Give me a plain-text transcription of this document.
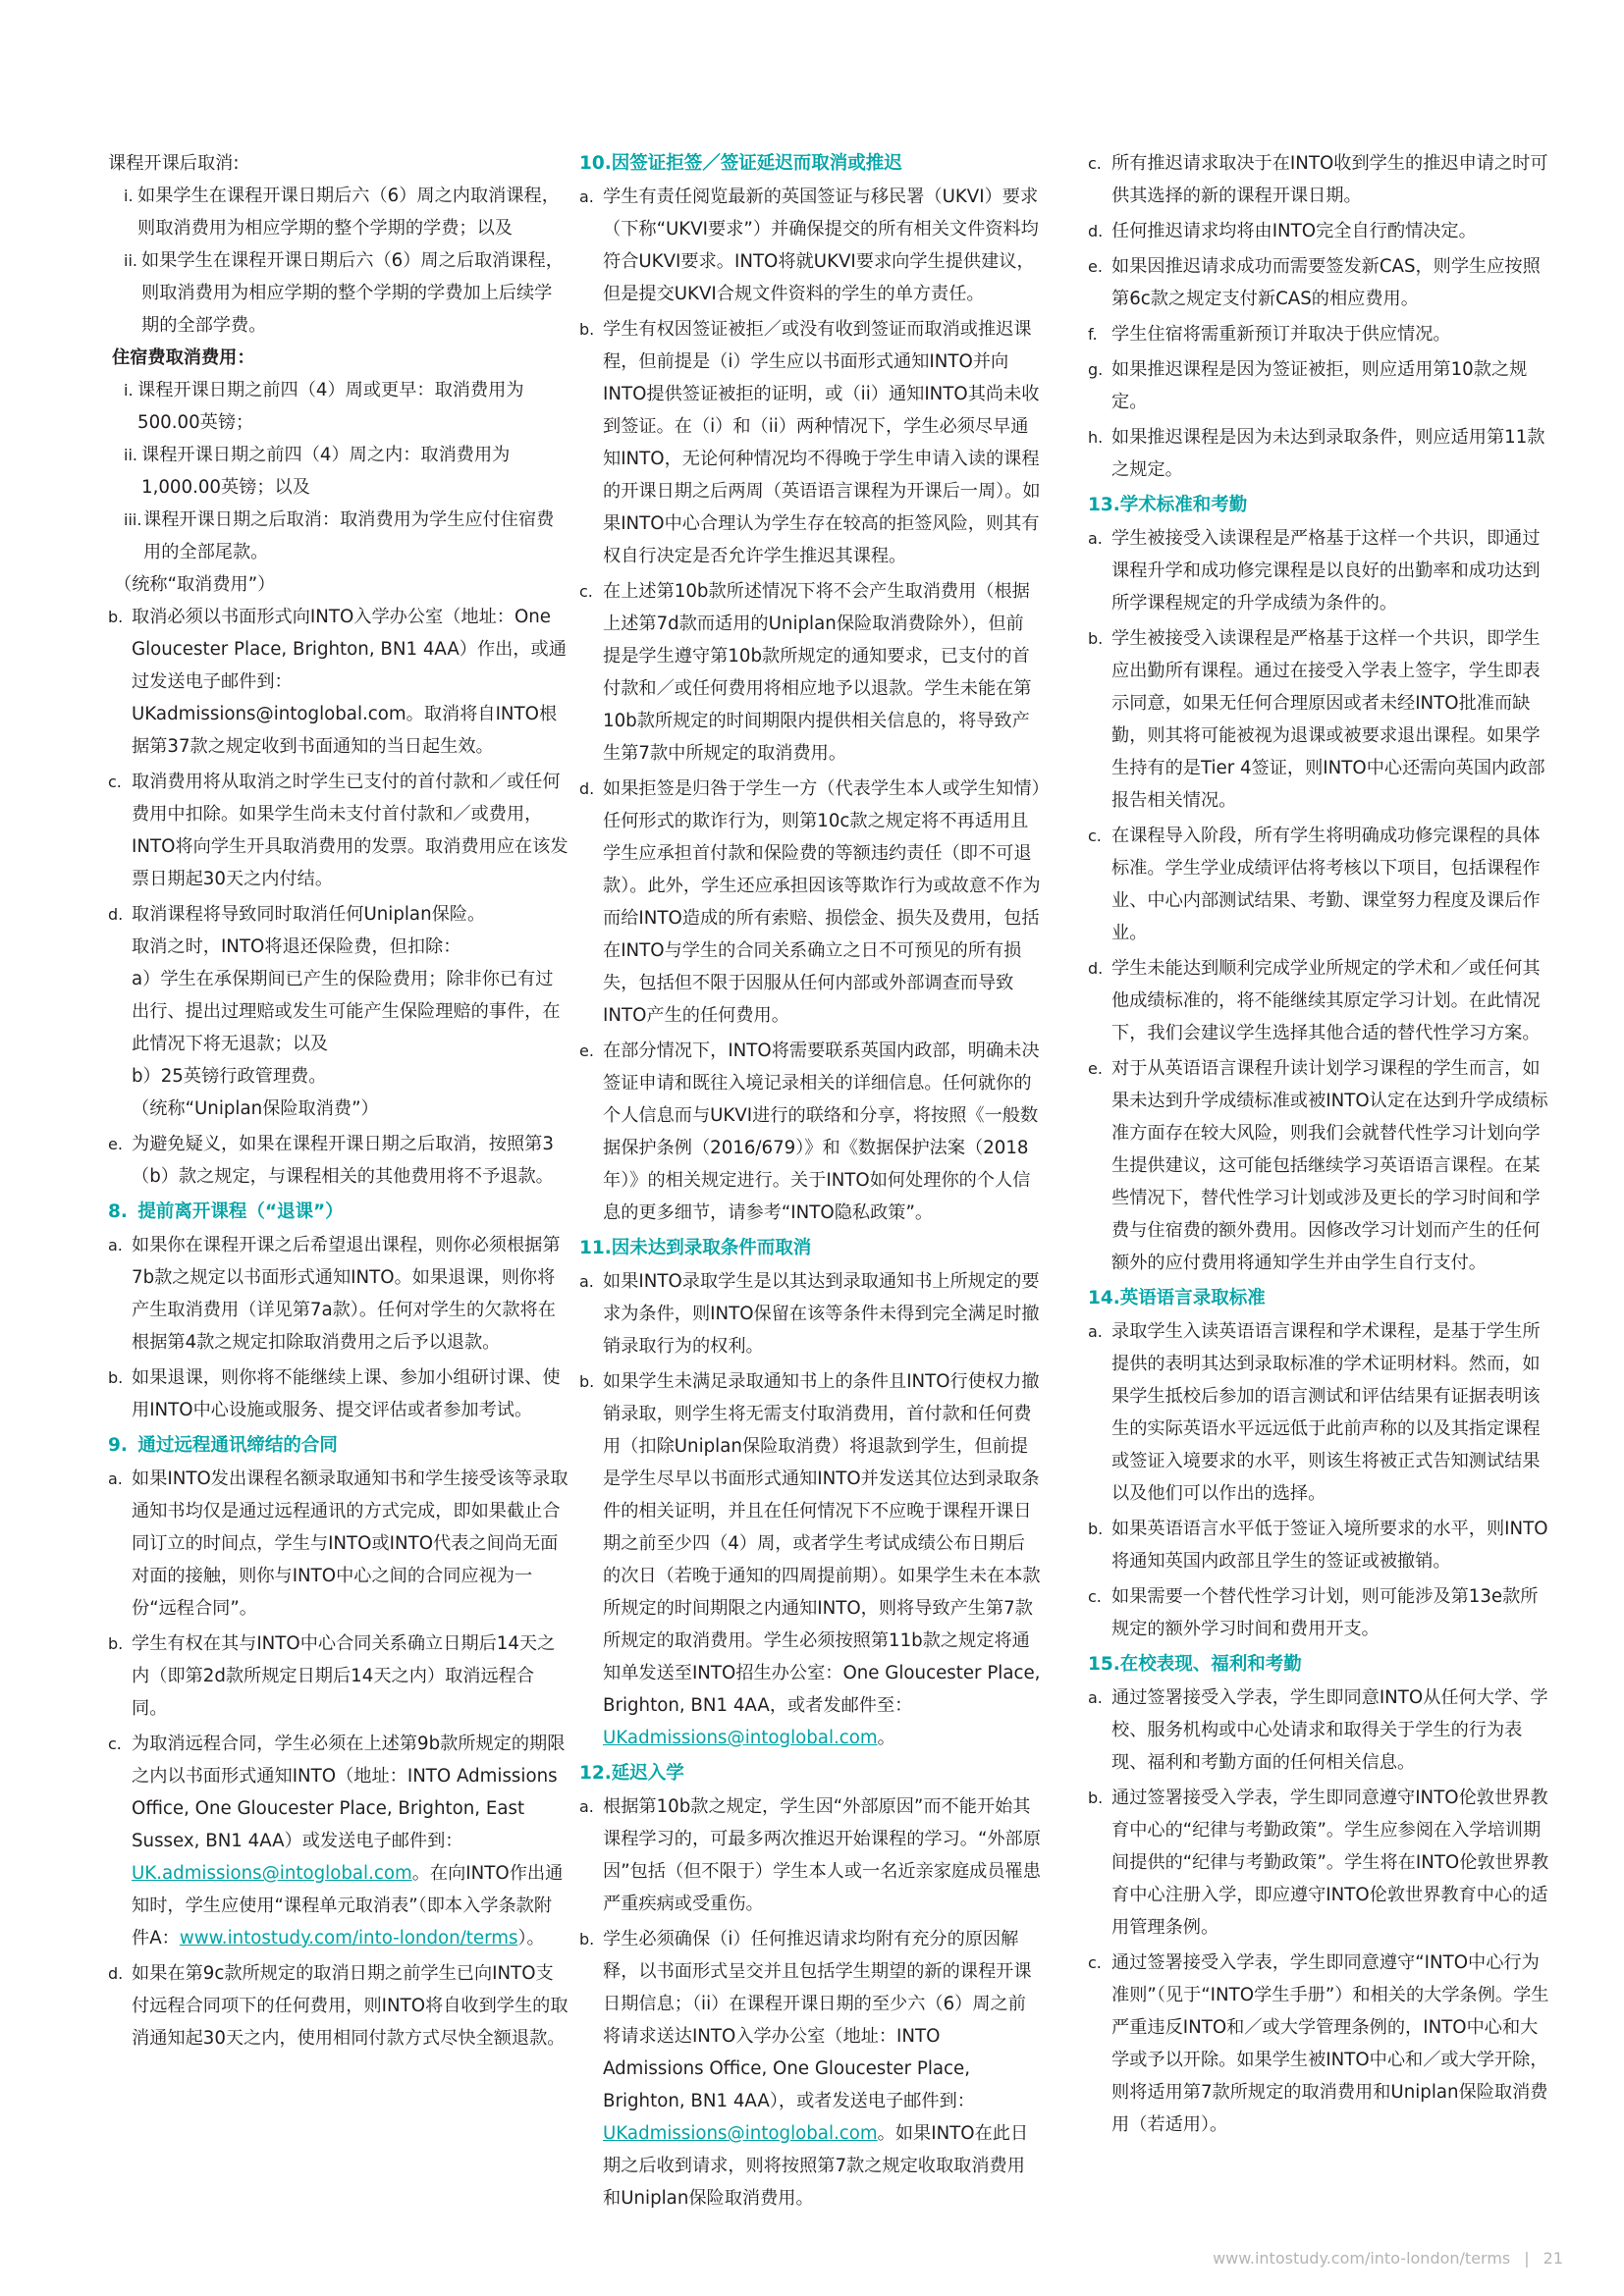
课程开课后取消:
i. 如果学生在课程开课日期后六（6）周之内取消课程，则取消费用为相应学期的整个学期的学费；以及
ii. 如果学生在课程开课日期后六（6）周之后取消课程，则取消费用为相应学期的整个学期的学费加上后续学期的全部学费。
住宿费取消费用：
i. 课程开课日期之前四（4）周或更早：取消费用为500.00英镑；
ii. 课程开课日期之前四（4）周之内：取消费用为1,000.00英镑；以及
iii. 课程开课日期之后取消：取消费用为学生应付住宿费用的全部尾款。
（统称“取消费用”）
b. 取消必须以书面形式向INTO入学办公室（地址：One Gloucester Place, Brighton, BN1 4AA）作出，或通过发送电子邮件到：UKadmissions@intoglobal.com。取消将自INTO根据第37款之规定收到书面通知的当日起生效。
c. 取消费用将从取消之时学生已支付的首付款和／或任何费用中扣除。如果学生尚未支付首付款和／或费用，INTO将向学生开具取消费用的发票。取消费用应在该发票日期起30天之内付结。
d. 取消课程将导致同时取消任何Uniplan保险。
取消之时，INTO将退还保险费，但扣除：
a）学生在承保期间已产生的保险费用；除非你已有过出行、提出过理赔或发生可能产生保险理赔的事件，在此情况下将无退款；以及
b）25英镑行政管理费。
（统称“Uniplan保险取消费”）
e. 为避免疑义，如果在课程开课日期之后取消，按照第3（b）款之规定，与课程相关的其他费用将不予退款。
8. 提前离开课程（“退课”）
a. 如果你在课程开课之后希望退出课程，则你必须根据第7b款之规定以书面形式通知INTO。如果退课，则你将产生取消费用（详见第7a款）。任何对学生的欠款将在根据第4款之规定扣除取消费用之后予以退款。
b. 如果退课，则你将不能继续上课、参加小组研讨课、使用INTO中心设施或服务、提交评估或者参加考试。
9. 通过远程通讯缔结的合同
a. 如果INTO发出课程名额录取通知书和学生接受该等录取通知书均仅是通过远程通讯的方式完成，即如果截止合同订立的时间点，学生与INTO或INTO代表之间尚无面对面的接触，则你与INTO中心之间的合同应视为一份“远程合同”。
b. 学生有权在其与INTO中心合同关系确立日期后14天之内（即第2d款所规定日期后14天之内）取消远程合同。
c. 为取消远程合同，学生必须在上述第9b款所规定的期限之内以书面形式通知INTO（地址：INTO Admissions Office, One Gloucester Place, Brighton, East Sussex, BN1 4AA）或发送电子邮件到：UK.admissions@intoglobal.com。在向INTO作出通知时，学生应使用“课程单元取消表”（即本入学条款附件A：www.intostudy.com/into-london/terms）。
d. 如果在第9c款所规定的取消日期之前学生已向INTO支付远程合同项下的任何费用，则INTO将自收到学生的取消通知起30天之内，使用相同付款方式尽快全额退款。
10.因签证拒签／签证延迟而取消或推迟
a. 学生有责任阅览最新的英国签证与移民署（UKVI）要求（下称“UKVI要求”）并确保提交的所有相关文件资料均符合UKVI要求。INTO将就UKVI要求向学生提供建议，但是提交UKVI合规文件资料的学生的单方责任。
b. 学生有权因签证被拒／或没有收到签证而取消或推迟课程，但前提是（i）学生应以书面形式通知INTO并向INTO提供签证被拒的证明，或（ii）通知INTO其尚未收到签证。在（i）和（ii）两种情况下，学生必须尽早通知INTO，无论何种情况均不得晚于学生申请入读的课程的开课日期之后两周（英语语言课程为开课后一周）。如果INTO中心合理认为学生存在较高的拒签风险，则其有权自行决定是否允许学生推迟其课程。
c. 在上述第10b款所述情况下将不会产生取消费用（根据上述第7d款而适用的Uniplan保险取消费除外），但前提是学生遵守第10b款所规定的通知要求，已支付的首付款和／或任何费用将相应地予以退款。学生未能在第10b款所规定的时间期限内提供相关信息的，将导致产生第7款中所规定的取消费用。
d. 如果拒签是归咎于学生一方（代表学生本人或学生知情）任何形式的欺诈行为，则第10c款之规定将不再适用且学生应承担首付款和保险费的等额违约责任（即不可退款）。此外，学生还应承担因该等欺诈行为或故意不作为而给INTO造成的所有索赔、损偿金、损失及费用，包括在INTO与学生的合同关系确立之日不可预见的所有损失，包括但不限于因服从任何内部或外部调查而导致INTO产生的任何费用。
e. 在部分情况下，INTO将需要联系英国内政部，明确未决签证申请和既往入境记录相关的详细信息。任何就你的个人信息而与UKVI进行的联络和分享，将按照《一般数据保护条例（2016/679）》和《数据保护法案（2018年）》的相关规定进行。关于INTO如何处理你的个人信息的更多细节，请参考“INTO隐私政策”。
11.因未达到录取条件而取消
a. 如果INTO录取学生是以其达到录取通知书上所规定的要求为条件，则INTO保留在该等条件未得到完全满足时撤销录取行为的权利。
b. 如果学生未满足录取通知书上的条件且INTO行使权力撤销录取，则学生将无需支付取消费用，首付款和任何费用（扣除Uniplan保险取消费）将退款到学生，但前提是学生尽早以书面形式通知INTO并发送其位达到录取条件的相关证明，并且在任何情况下不应晚于课程开课日期之前至少四（4）周，或者学生考试成绩公布日期后的次日（若晚于通知的四周提前期）。如果学生未在本款所规定的时间期限之内通知INTO，则将导致产生第7款所规定的取消费用。学生必须按照第11b款之规定将通知单发送至INTO招生办公室：One Gloucester Place, Brighton, BN1 4AA，或者发邮件至：UKadmissions@intoglobal.com。
12.延迟入学
a. 根据第10b款之规定，学生因“外部原因”而不能开始其课程学习的，可最多两次推迟开始课程的学习。“外部原因”包括（但不限于）学生本人或一名近亲家庭成员罹患严重疾病或受重伤。
b. 学生必须确保（i）任何推迟请求均附有充分的原因解释，以书面形式呈交并且包括学生期望的新的课程开课日期信息；（ii）在课程开课日期的至少六（6）周之前将请求送达INTO入学办公室（地址：INTO Admissions Office, One Gloucester Place, Brighton, BN1 4AA），或者发送电子邮件到：UKadmissions@intoglobal.com。如果INTO在此日期之后收到请求，则将按照第7款之规定收取取消费用和Uniplan保险取消费用。
c. 所有推迟请求取决于在INTO收到学生的推迟申请之时可供其选择的新的课程开课日期。
d. 任何推迟请求均将由INTO完全自行酌情决定。
e. 如果因推迟请求成功而需要签发新CAS，则学生应按照第6c款之规定支付新CAS的相应费用。
f. 学生住宿将需重新预订并取决于供应情况。
g. 如果推迟课程是因为签证被拒，则应适用第10款之规定。
h. 如果推迟课程是因为未达到录取条件，则应适用第11款之规定。
13.学术标准和考勤
a. 学生被接受入读课程是严格基于这样一个共识，即通过课程升学和成功修完课程是以良好的出勤率和成功达到所学课程规定的升学成绩为条件的。
b. 学生被接受入读课程是严格基于这样一个共识，即学生应出勤所有课程。通过在接受入学表上签字，学生即表示同意，如果无任何合理原因或者未经INTO批准而缺勤，则其将可能被视为退课或被要求退出课程。如果学生持有的是Tier 4签证，则INTO中心还需向英国内政部报告相关情况。
c. 在课程导入阶段，所有学生将明确成功修完课程的具体标准。学生学业成绩评估将考核以下项目，包括课程作业、中心内部测试结果、考勤、课堂努力程度及课后作业。
d. 学生未能达到顺利完成学业所规定的学术和／或任何其他成绩标准的，将不能继续其原定学习计划。在此情况下，我们会建议学生选择其他合适的替代性学习方案。
e. 对于从英语语言课程升读计划学习课程的学生而言，如果未达到升学成绩标准或被INTO认定在达到升学成绩标准方面存在较大风险，则我们会就替代性学习计划向学生提供建议，这可能包括继续学习英语语言课程。在某些情况下，替代性学习计划或涉及更长的学习时间和学费与住宿费的额外费用。因修改学习计划而产生的任何额外的应付费用将通知学生并由学生自行支付。
14.英语语言录取标准
a. 录取学生入读英语语言课程和学术课程，是基于学生所提供的表明其达到录取标准的学术证明材料。然而，如果学生抵校后参加的语言测试和评估结果有证据表明该生的实际英语水平远远低于此前声称的以及其指定课程或签证入境要求的水平，则该生将被正式告知测试结果以及他们可以作出的选择。
b. 如果英语语言水平低于签证入境所要求的水平，则INTO将通知英国内政部且学生的签证或被撤销。
c. 如果需要一个替代性学习计划，则可能涉及第13e款所规定的额外学习时间和费用开支。
15.在校表现、福利和考勤
a. 通过签署接受入学表，学生即同意INTO从任何大学、学校、服务机构或中心处请求和取得关于学生的行为表现、福利和考勤方面的任何相关信息。
b. 通过签署接受入学表，学生即同意遵守INTO伦敦世界教育中心的“纪律与考勤政策”。学生应参阅在入学培训期间提供的“纪律与考勤政策”。学生将在INTO伦敦世界教育中心注册入学，即应遵守INTO伦敦世界教育中心的适用管理条例。
c. 通过签署接受入学表，学生即同意遵守“INTO中心行为准则”（见于“INTO学生手册”）和相关的大学条例。学生严重违反INTO和／或大学管理条例的，INTO中心和大学或予以开除。如果学生被INTO中心和／或大学开除，则将适用第7款所规定的取消费用和Uniplan保险取消费用（若适用）。
www.intostudy.com/into-london/terms | 21
